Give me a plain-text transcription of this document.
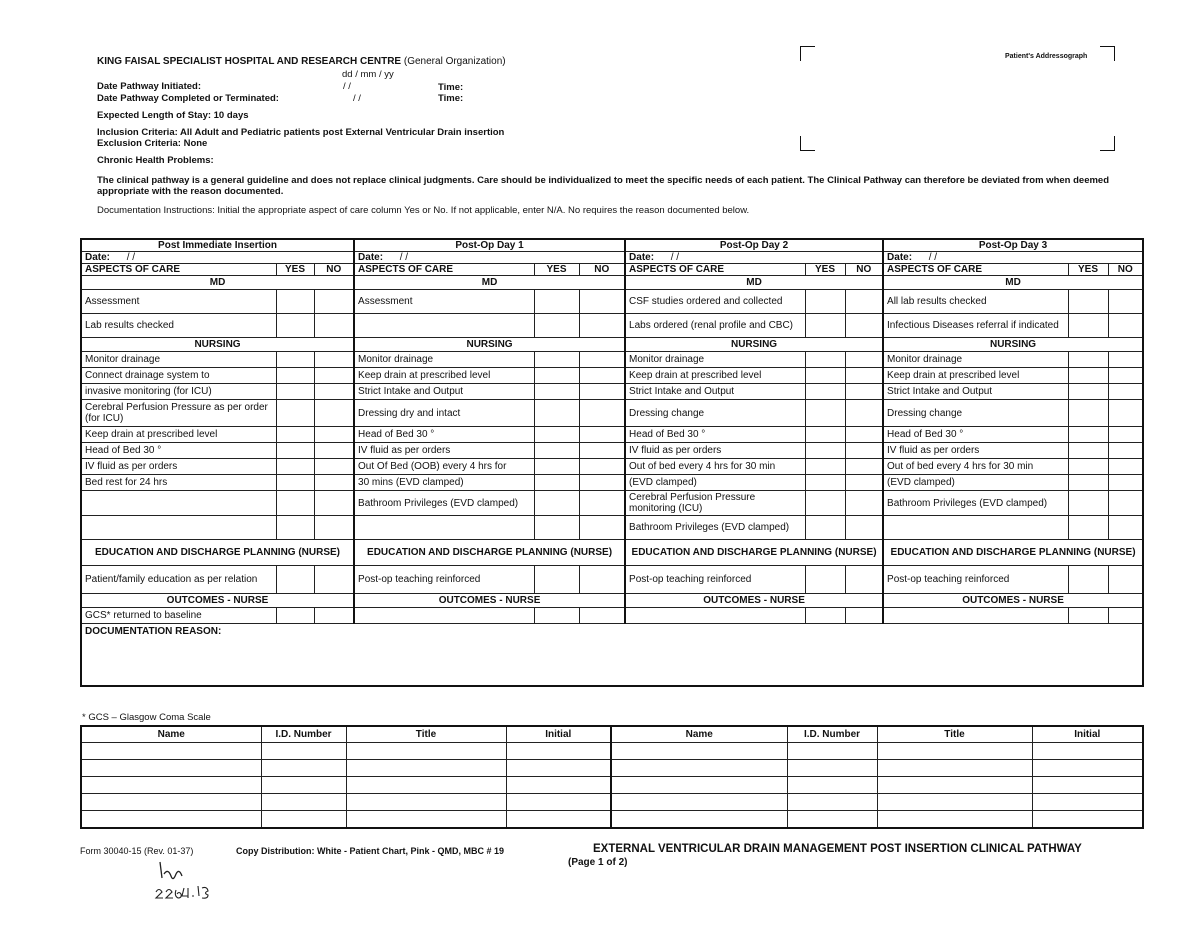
KING FAISAL SPECIALIST HOSPITAL AND RESEARCH CENTRE (General Organization)
dd / mm / yy
Date Pathway Initiated:	/ /	Time:
Date Pathway Completed or Terminated:	/ /	Time:
Expected Length of Stay: 10 days
Inclusion Criteria: All Adult and Pediatric patients post External Ventricular Drain insertion
Exclusion Criteria: None
Chronic Health Problems:
The clinical pathway is a general guideline and does not replace clinical judgments. Care should be individualized to meet the specific needs of each patient. The Clinical Pathway can therefore be deviated from when deemed appropriate with the reason documented.
Documentation Instructions: Initial the appropriate aspect of care column Yes or No. If not applicable, enter N/A. No requires the reason documented below.
Patient's Addressograph
Post Immediate Insertion			Post-Op Day 1			Post-Op Day 2			Post-Op Day 3		
Date: / /			Date: / /			Date: / /			Date: / /		
ASPECTS OF CARE	YES	NO	ASPECTS OF CARE	YES	NO	ASPECTS OF CARE	YES	NO	ASPECTS OF CARE	YES	NO
MD			MD			MD			MD		
Assessment			Assessment			CSF studies ordered and collected			All lab results checked		
Lab results checked						Labs ordered (renal profile and CBC)			Infectious Diseases referral if indicated		
NURSING			NURSING			NURSING			NURSING		
Monitor drainage			Monitor drainage			Monitor drainage			Monitor drainage		
Connect drainage system to			Keep drain at prescribed level			Keep drain at prescribed level			Keep drain at prescribed level		
invasive monitoring (for ICU)			Strict Intake and Output			Strict Intake and Output			Strict Intake and Output		
Cerebral Perfusion Pressure as per order (for ICU)			Dressing dry and intact			Dressing change			Dressing change		
Keep drain at prescribed level			Head of Bed 30 °			Head of Bed 30 °			Head of Bed 30 °		
Head of Bed 30 °			IV fluid as per orders			IV fluid as per orders			IV fluid as per orders		
IV fluid as per orders			Out Of Bed (OOB) every 4 hrs for			Out of bed every 4 hrs for 30 min			Out of bed every 4 hrs for 30 min		
Bed rest for 24 hrs			30 mins (EVD clamped)			(EVD clamped)			(EVD clamped)		
			Bathroom Privileges (EVD clamped)			Cerebral Perfusion Pressure monitoring (ICU)			Bathroom Privileges (EVD clamped)		
						Bathroom Privileges (EVD clamped)					
EDUCATION AND DISCHARGE PLANNING (NURSE)			EDUCATION AND DISCHARGE PLANNING (NURSE)			EDUCATION AND DISCHARGE PLANNING (NURSE)			EDUCATION AND DISCHARGE PLANNING (NURSE)		
Patient/family education as per relation			Post-op teaching reinforced			Post-op teaching reinforced			Post-op teaching reinforced		
OUTCOMES - NURSE			OUTCOMES - NURSE			OUTCOMES - NURSE			OUTCOMES - NURSE		
GCS* returned to baseline											
DOCUMENTATION REASON:											
* GCS – Glasgow Coma Scale
Name	I.D. Number	Title	Initial	Name	I.D. Number	Title	Initial

Form 30040-15 (Rev. 01-37)	Copy Distribution: White - Patient Chart, Pink - QMD, MBC # 19	EXTERNAL VENTRICULAR DRAIN MANAGEMENT POST INSERTION CLINICAL PATHWAY
(Page 1 of 2)
